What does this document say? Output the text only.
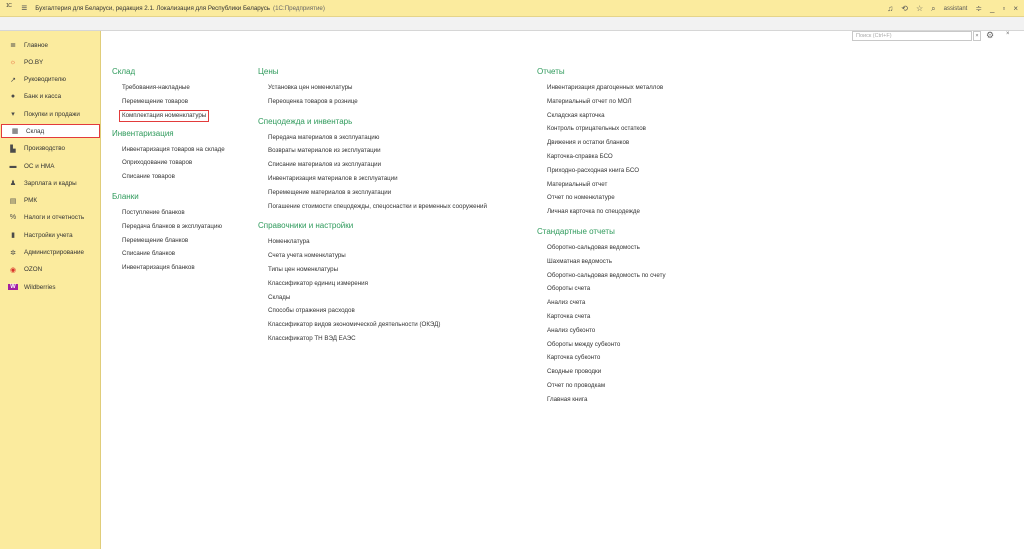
$^{1С}$ ≡ Бухгалтерия для Беларуси, редакция 2.1. Локализация для Республики Беларусь (1С:Предприятие)	♫ ⟲ ☆ ⌕ assistant ≑ _ ▫ ×
≣	Главное
☼ PO.BY
↗	Руководителю
●	Банк и касса
▾	Покупки и продажи
▦ Склад
▙	Производство
▬ ОС и НМА
♟ Зарплата и кадры
▤ РМК
%	Налоги и отчетность
▮	Настройки учета
✲	Администрирование
◉	OZON
W	Wildberries
Поиск (Ctrl+F)	× ⚙ ×
Склад
Требования-накладные
Перемещение товаров
Комплектация номенклатуры
Инвентаризация
Инвентаризация товаров на складе
Оприходование товаров
Списание товаров
Бланки
Поступление бланков
Передача бланков в эксплуатацию
Перемещение бланков
Списание бланков
Инвентаризация бланков
Цены
Установка цен номенклатуры
Переоценка товаров в рознице
Спецодежда и инвентарь
Передача материалов в эксплуатацию
Возвраты материалов из эксплуатации
Списание материалов из эксплуатации
Инвентаризация материалов в эксплуатации
Перемещение материалов в эксплуатации
Погашение стоимости спецодежды, спецоснастки и временных сооружений
Справочники и настройки
Номенклатура
Счета учета номенклатуры
Типы цен номенклатуры
Классификатор единиц измерения
Склады
Способы отражения расходов
Классификатор видов экономической деятельности (ОКЭД)
Классификатор ТН ВЭД ЕАЭС
Отчеты
Инвентаризация драгоценных металлов
Материальный отчет по МОЛ
Складская карточка
Контроль отрицательных остатков
Движения и остатки бланков
Карточка-справка БСО
Приходно-расходная книга БСО
Материальный отчет
Отчет по номенклатуре
Личная карточка по спецодежде
Стандартные отчеты
Оборотно-сальдовая ведомость
Шахматная ведомость
Оборотно-сальдовая ведомость по счету
Обороты счета
Анализ счета
Карточка счета
Анализ субконто
Обороты между субконто
Карточка субконто
Сводные проводки
Отчет по проводкам
Главная книга
